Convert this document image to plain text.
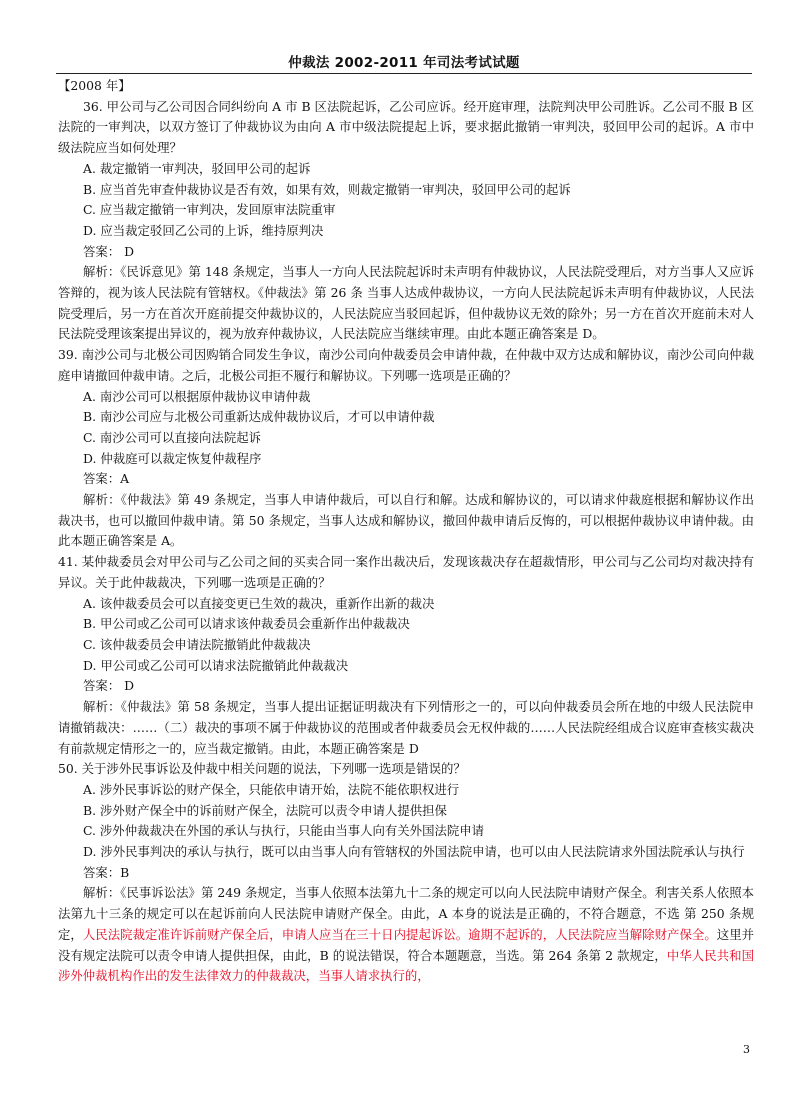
仲裁法 2002-2011 年司法考试试题

【2008 年】

36. 甲公司与乙公司因合同纠纷向 A 市 B 区法院起诉，乙公司应诉。经开庭审理，法院判决甲公司胜诉。乙公司不服 B 区法院的一审判决，以双方签订了仲裁协议为由向 A 市中级法院提起上诉，要求据此撤销一审判决，驳回甲公司的起诉。A 市中级法院应当如何处理？

A. 裁定撤销一审判决，驳回甲公司的起诉

B. 应当首先审查仲裁协议是否有效，如果有效，则裁定撤销一审判决，驳回甲公司的起诉

C. 应当裁定撤销一审判决，发回原审法院重审

D. 应当裁定驳回乙公司的上诉，维持原判决

答案： D

解析：《民诉意见》第 148 条规定，当事人一方向人民法院起诉时未声明有仲裁协议，人民法院受理后，对方当事人又应诉答辩的，视为该人民法院有管辖权。《仲裁法》第 26 条 当事人达成仲裁协议，一方向人民法院起诉未声明有仲裁协议，人民法院受理后，另一方在首次开庭前提交仲裁协议的，人民法院应当驳回起诉，但仲裁协议无效的除外；另一方在首次开庭前未对人民法院受理该案提出异议的，视为放弃仲裁协议，人民法院应当继续审理。由此本题正确答案是 D。

39. 南沙公司与北极公司因购销合同发生争议，南沙公司向仲裁委员会申请仲裁，在仲裁中双方达成和解协议，南沙公司向仲裁庭申请撤回仲裁申请。之后，北极公司拒不履行和解协议。下列哪一选项是正确的？

A. 南沙公司可以根据原仲裁协议申请仲裁

B. 南沙公司应与北极公司重新达成仲裁协议后，才可以申请仲裁

C. 南沙公司可以直接向法院起诉

D. 仲裁庭可以裁定恢复仲裁程序

答案：A

解析：《仲裁法》第 49 条规定，当事人申请仲裁后，可以自行和解。达成和解协议的，可以请求仲裁庭根据和解协议作出裁决书，也可以撤回仲裁申请。第 50 条规定，当事人达成和解协议，撤回仲裁申请后反悔的，可以根据仲裁协议申请仲裁。由此本题正确答案是 A。

41. 某仲裁委员会对甲公司与乙公司之间的买卖合同一案作出裁决后，发现该裁决存在超裁情形，甲公司与乙公司均对裁决持有异议。关于此仲裁裁决，下列哪一选项是正确的？

A. 该仲裁委员会可以直接变更已生效的裁决，重新作出新的裁决

B. 甲公司或乙公司可以请求该仲裁委员会重新作出仲裁裁决

C. 该仲裁委员会申请法院撤销此仲裁裁决

D. 甲公司或乙公司可以请求法院撤销此仲裁裁决

答案： D

解析：《仲裁法》第 58 条规定，当事人提出证据证明裁决有下列情形之一的，可以向仲裁委员会所在地的中级人民法院申请撤销裁决：……（二）裁决的事项不属于仲裁协议的范围或者仲裁委员会无权仲裁的……人民法院经组成合议庭审查核实裁决有前款规定情形之一的，应当裁定撤销。由此，本题正确答案是 D

50. 关于涉外民事诉讼及仲裁中相关问题的说法，下列哪一选项是错误的？

A. 涉外民事诉讼的财产保全，只能依申请开始，法院不能依职权进行

B. 涉外财产保全中的诉前财产保全，法院可以责令申请人提供担保

C. 涉外仲裁裁决在外国的承认与执行，只能由当事人向有关外国法院申请

D. 涉外民事判决的承认与执行，既可以由当事人向有管辖权的外国法院申请，也可以由人民法院请求外国法院承认与执行

答案：B

解析：《民事诉讼法》第 249 条规定，当事人依照本法第九十二条的规定可以向人民法院申请财产保全。利害关系人依照本法第九十三条的规定可以在起诉前向人民法院申请财产保全。由此，A 本身的说法是正确的，不符合题意，不选 第 250 条规定，人民法院裁定准许诉前财产保全后，申请人应当在三十日内提起诉讼。逾期不起诉的，人民法院应当解除财产保全。这里并没有规定法院可以责令申请人提供担保，由此，B 的说法错误，符合本题题意，当选。第 264 条第 2 款规定，中华人民共和国涉外仲裁机构作出的发生法律效力的仲裁裁决，当事人请求执行的，

3
